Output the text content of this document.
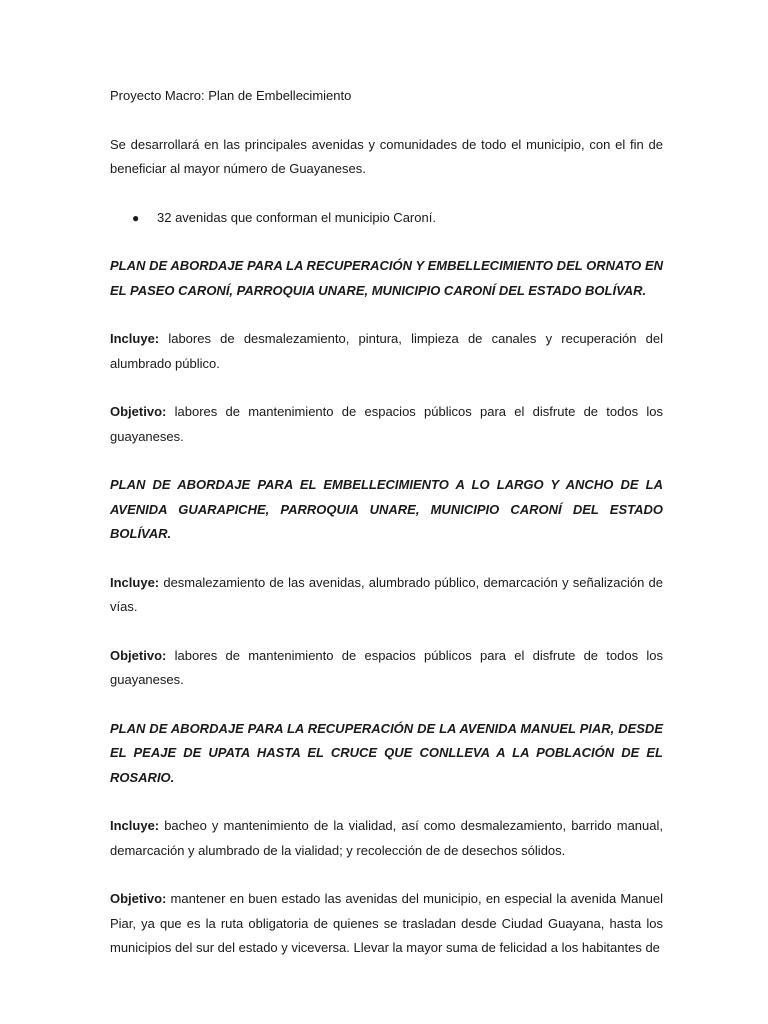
Proyecto Macro: Plan de Embellecimiento

Se desarrollará en las principales avenidas y comunidades de todo el municipio, con el fin de beneficiar al mayor número de Guayaneses.

● 32 avenidas que conforman el municipio Caroní.

PLAN DE ABORDAJE PARA LA RECUPERACIÓN Y EMBELLECIMIENTO DEL ORNATO EN EL PASEO CARONÍ, PARROQUIA UNARE, MUNICIPIO CARONÍ DEL ESTADO BOLÍVAR.

Incluye: labores de desmalezamiento, pintura, limpieza de canales y recuperación del alumbrado público.

Objetivo: labores de mantenimiento de espacios públicos para el disfrute de todos los guayaneses.

PLAN DE ABORDAJE PARA EL EMBELLECIMIENTO A LO LARGO Y ANCHO DE LA AVENIDA GUARAPICHE, PARROQUIA UNARE, MUNICIPIO CARONÍ DEL ESTADO BOLÍVAR.

Incluye: desmalezamiento de las avenidas, alumbrado público, demarcación y señalización de vías.

Objetivo: labores de mantenimiento de espacios públicos para el disfrute de todos los guayaneses.

PLAN DE ABORDAJE PARA LA RECUPERACIÓN DE LA AVENIDA MANUEL PIAR, DESDE EL PEAJE DE UPATA HASTA EL CRUCE QUE CONLLEVA A LA POBLACIÓN DE EL ROSARIO.

Incluye: bacheo y mantenimiento de la vialidad, así como desmalezamiento, barrido manual, demarcación y alumbrado de la vialidad; y recolección de de desechos sólidos.

Objetivo: mantener en buen estado las avenidas del municipio, en especial la avenida Manuel Piar, ya que es la ruta obligatoria de quienes se trasladan desde Ciudad Guayana, hasta los municipios del sur del estado y viceversa. Llevar la mayor suma de felicidad a los habitantes de
